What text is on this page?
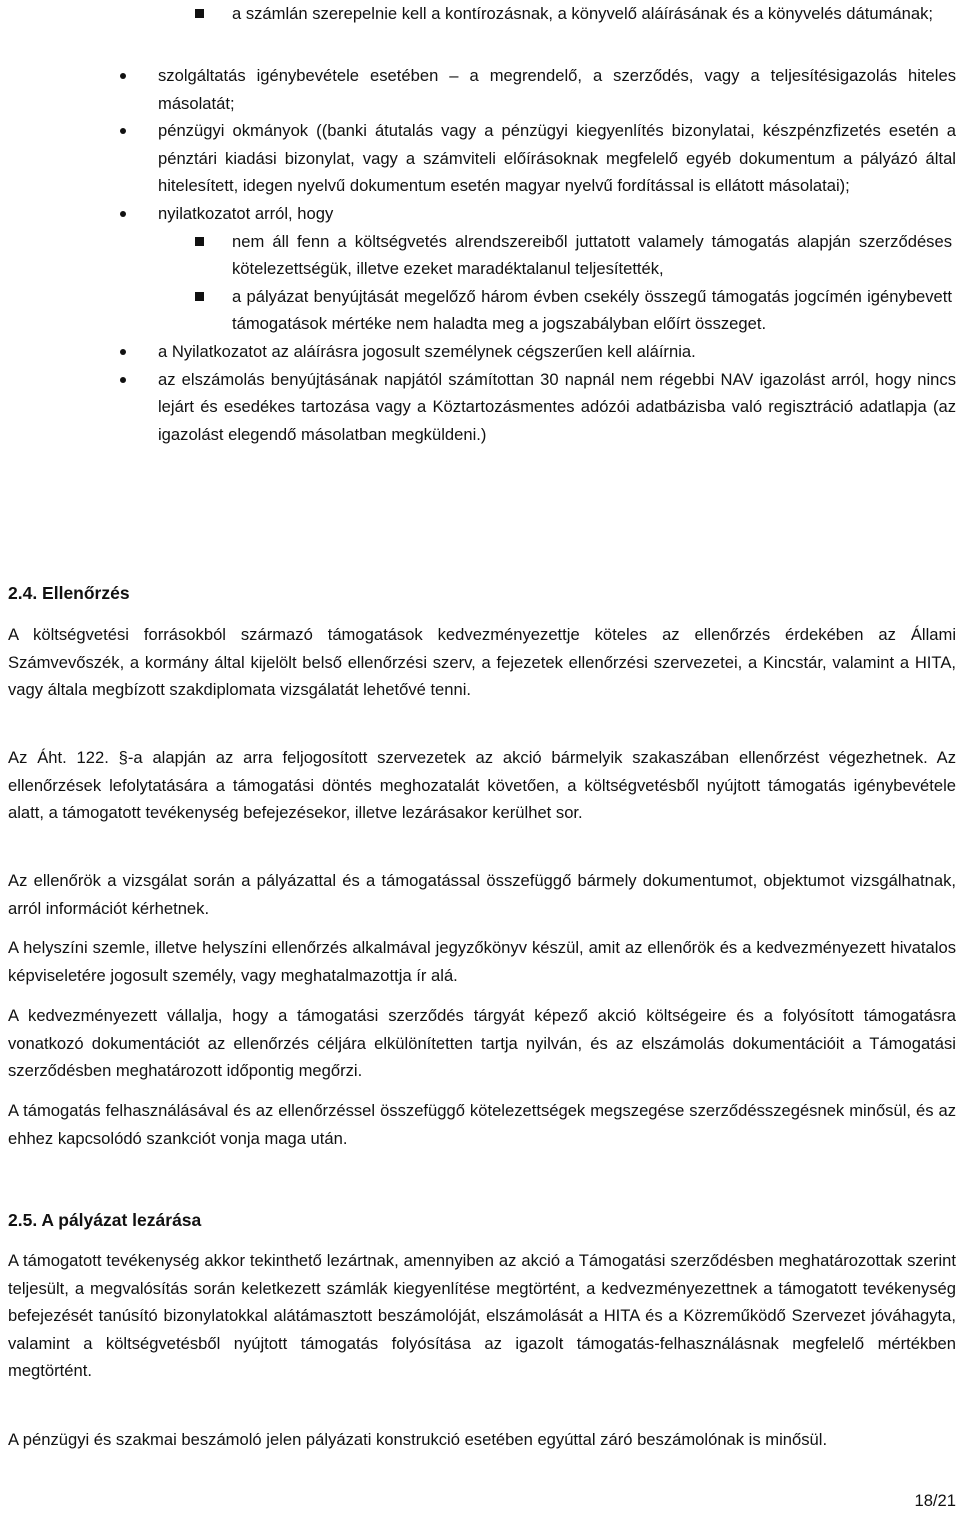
a számlán szerepelnie kell a kontírozásnak, a könyvelő aláírásának és a könyvelés dátumának;
szolgáltatás igénybevétele esetében – a megrendelő, a szerződés, vagy a teljesítésigazolás hiteles másolatát;
pénzügyi okmányok ((banki átutalás vagy a pénzügyi kiegyenlítés bizonylatai, készpénzfizetés esetén a pénztári kiadási bizonylat, vagy a számviteli előírásoknak megfelelő egyéb dokumentum a pályázó által hitelesített, idegen nyelvű dokumentum esetén magyar nyelvű fordítással is ellátott másolatai);
nyilatkozatot arról, hogy
nem áll fenn a költségvetés alrendszereiből juttatott valamely támogatás alapján szerződéses kötelezettségük, illetve ezeket maradéktalanul teljesítették,
a pályázat benyújtását megelőző három évben csekély összegű támogatás jogcímén igénybevett támogatások mértéke nem haladta meg a jogszabályban előírt összeget.
a Nyilatkozatot az aláírásra jogosult személynek cégszerűen kell aláírnia.
az elszámolás benyújtásának napjától számítottan 30 napnál nem régebbi NAV igazolást arról, hogy nincs lejárt és esedékes tartozása vagy a Köztartozásmentes adózói adatbázisba való regisztráció adatlapja (az igazolást elegendő másolatban megküldeni.)
2.4. Ellenőrzés

A költségvetési forrásokból származó támogatások kedvezményezettje köteles az ellenőrzés érdekében az Állami Számvevőszék, a kormány által kijelölt belső ellenőrzési szerv, a fejezetek ellenőrzési szervezetei, a Kincstár, valamint a HITA, vagy általa megbízott szakdiplomata vizsgálatát lehetővé tenni.

Az Áht. 122. §-a alapján az arra feljogosított szervezetek az akció bármelyik szakaszában ellenőrzést végezhetnek. Az ellenőrzések lefolytatására a támogatási döntés meghozatalát követően, a költségvetésből nyújtott támogatás igénybevétele alatt, a támogatott tevékenység befejezésekor, illetve lezárásakor kerülhet sor.

Az ellenőrök a vizsgálat során a pályázattal és a támogatással összefüggő bármely dokumentumot, objektumot vizsgálhatnak, arról információt kérhetnek.

A helyszíni szemle, illetve helyszíni ellenőrzés alkalmával jegyzőkönyv készül, amit az ellenőrök és a kedvezményezett hivatalos képviseletére jogosult személy, vagy meghatalmazottja ír alá.

A kedvezményezett vállalja, hogy a támogatási szerződés tárgyát képező akció költségeire és a folyósított támogatásra vonatkozó dokumentációt az ellenőrzés céljára elkülönítetten tartja nyilván, és az elszámolás dokumentációit a Támogatási szerződésben meghatározott időpontig megőrzi.

A támogatás felhasználásával és az ellenőrzéssel összefüggő kötelezettségek megszegése szerződésszegésnek minősül, és az ehhez kapcsolódó szankciót vonja maga után.

2.5. A pályázat lezárása

A támogatott tevékenység akkor tekinthető lezártnak, amennyiben az akció a Támogatási szerződésben meghatározottak szerint teljesült, a megvalósítás során keletkezett számlák kiegyenlítése megtörtént, a kedvezményezettnek a támogatott tevékenység befejezését tanúsító bizonylatokkal alátámasztott beszámolóját, elszámolását a HITA és a Közreműködő Szervezet jóváhagyta, valamint a költségvetésből nyújtott támogatás folyósítása az igazolt támogatás-felhasználásnak megfelelő mértékben megtörtént.

A pénzügyi és szakmai beszámoló jelen pályázati konstrukció esetében egyúttal záró beszámolónak is minősül.

18/21
